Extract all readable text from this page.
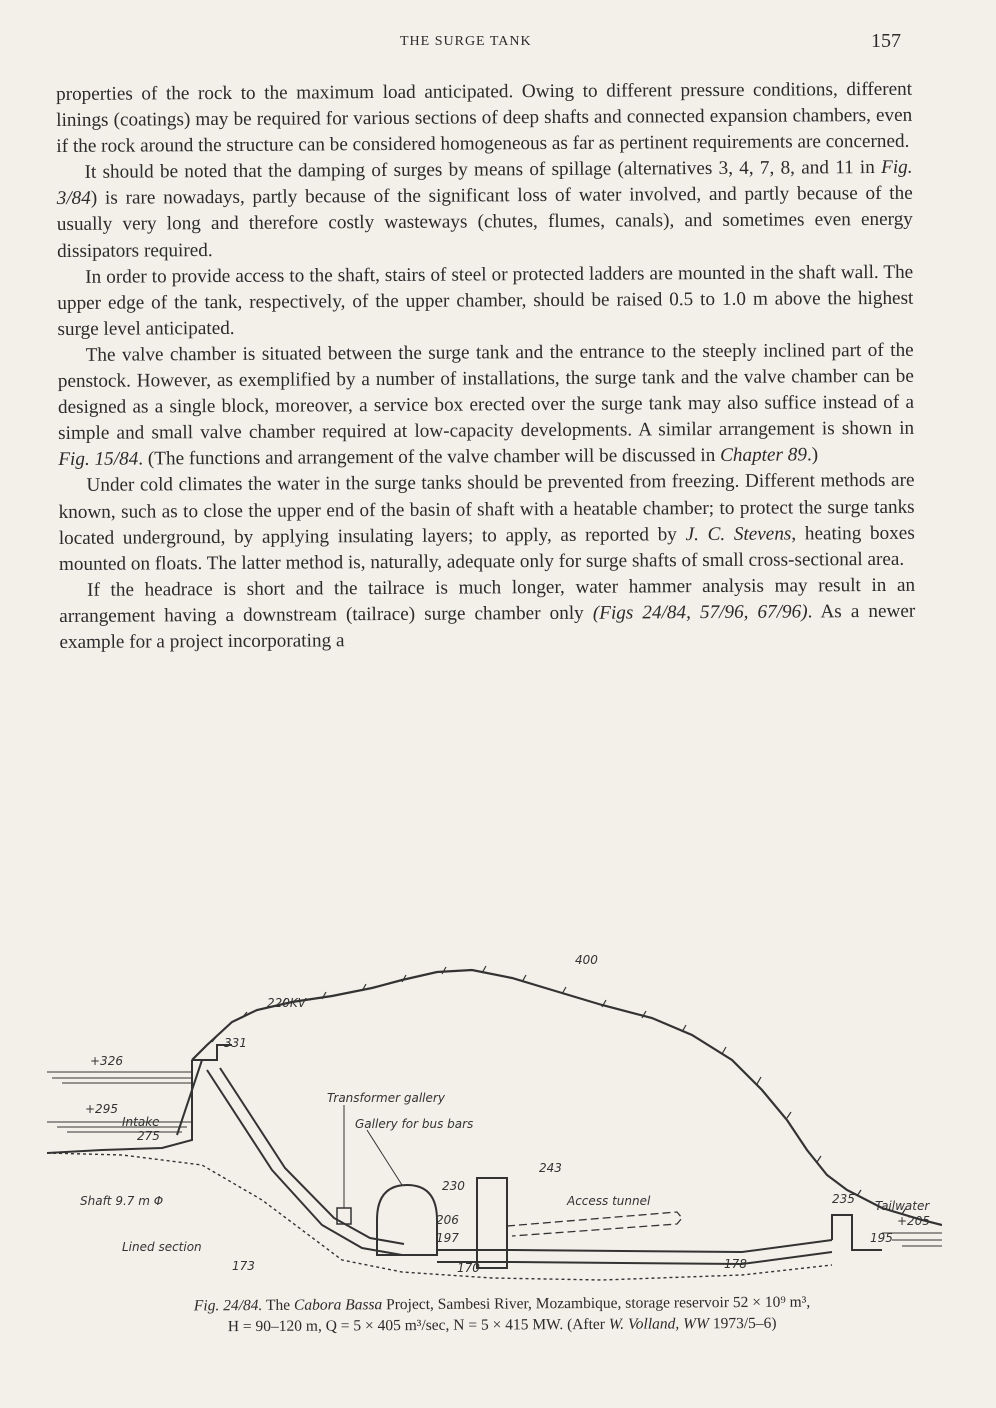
THE SURGE TANK	157

properties of the rock to the maximum load anticipated. Owing to different pressure conditions, different linings (coatings) may be required for various sections of deep shafts and connected expansion chambers, even if the rock around the structure can be considered homogeneous as far as pertinent requirements are concerned.

It should be noted that the damping of surges by means of spillage (alternatives 3, 4, 7, 8, and 11 in Fig. 3/84) is rare nowadays, partly because of the significant loss of water involved, and partly because of the usually very long and therefore costly wasteways (chutes, flumes, canals), and sometimes even energy dissipators required.

In order to provide access to the shaft, stairs of steel or protected ladders are mounted in the shaft wall. The upper edge of the tank, respectively, of the upper chamber, should be raised 0.5 to 1.0 m above the highest surge level anticipated.

The valve chamber is situated between the surge tank and the entrance to the steeply inclined part of the penstock. However, as exemplified by a number of installations, the surge tank and the valve chamber can be designed as a single block, moreover, a service box erected over the surge tank may also suffice instead of a simple and small valve chamber required at low-capacity developments. A similar arrangement is shown in Fig. 15/84. (The functions and arrangement of the valve chamber will be discussed in Chapter 89.)

Under cold climates the water in the surge tanks should be prevented from freezing. Different methods are known, such as to close the upper end of the basin of shaft with a heatable chamber; to protect the surge tanks located underground, by applying insulating layers; to apply, as reported by J. C. Stevens, heating boxes mounted on floats. The latter method is, naturally, adequate only for surge shafts of small cross-sectional area.

If the headrace is short and the tailrace is much longer, water hammer analysis may result in an arrangement having a downstream (tailrace) surge chamber only (Figs 24/84, 57/96, 67/96). As a newer example for a project incorporating a

400
220KV
331
+326
+295
Intake
275
Transformer gallery
Gallery for bus bars
243
230
206
197
170
Access tunnel	235 Tailwater
+205
195
178
Shaft 9.7 m Φ
Lined section
173
Fig. 24/84. The Cabora Bassa Project, Sambesi River, Mozambique, storage reservoir 52 × 10⁹ m³,
H = 90–120 m, Q = 5 × 405 m³/sec, N = 5 × 415 MW. (After W. Volland, WW 1973/5–6)
